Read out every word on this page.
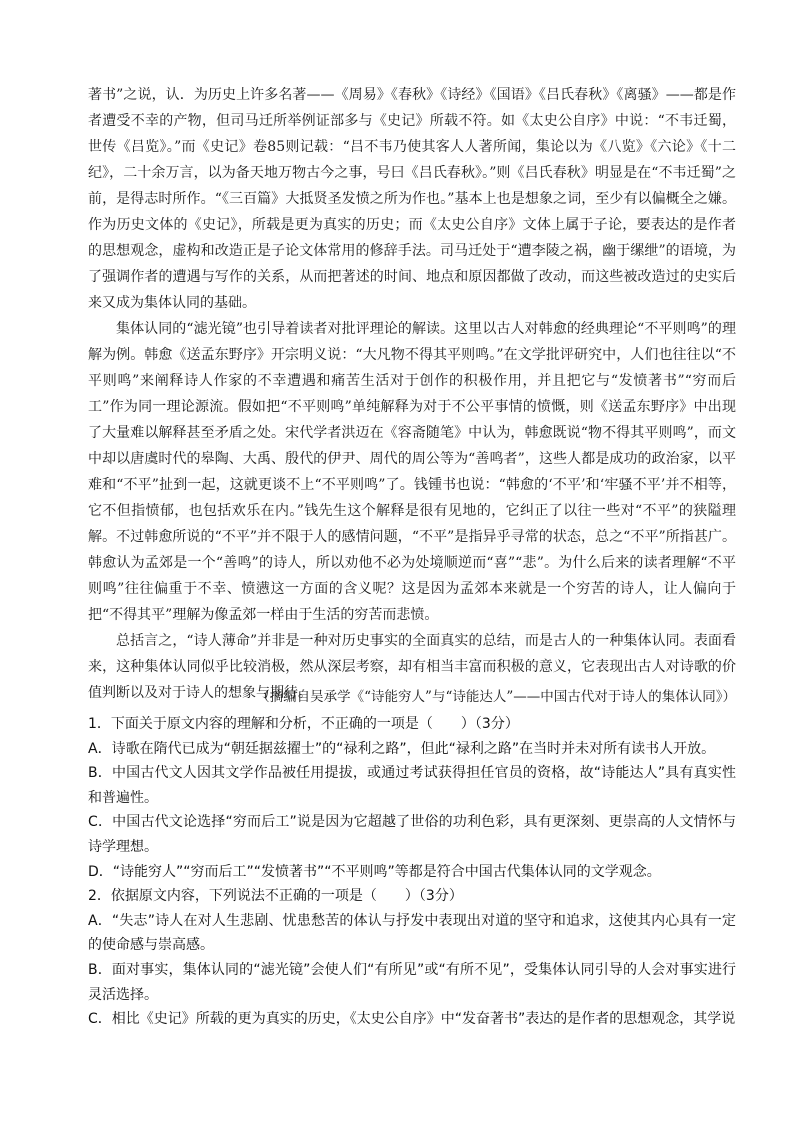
著书”之说，认．为历史上许多名著——《周易》《春秋》《诗经》《国语》《吕氏春秋》《离骚》——都是作者遭受不幸的产物，但司马迁所举例证部多与《史记》所载不符。如《太史公自序》中说：“不韦迁蜀，世传《吕览》。”而《史记》卷85则记载：“吕不韦乃使其客人人著所闻，集论以为《八览》《六论》《十二纪》，二十余万言，以为备天地万物古今之事，号曰《吕氏春秋》。”则《吕氏春秋》明显是在“不韦迁蜀”之前，是得志时所作。“《三百篇》大抵贤圣发愤之所为作也。”基本上也是想象之词，至少有以偏概全之嫌。作为历史文体的《史记》，所载是更为真实的历史；而《太史公自序》文体上属于子论，要表达的是作者的思想观念，虚构和改造正是子论文体常用的修辞手法。司马迁处于“遭李陵之祸，幽于缧绁”的语境，为了强调作者的遭遇与写作的关系，从而把著述的时间、地点和原因都做了改动，而这些被改造过的史实后来又成为集体认同的基础。

集体认同的“滤光镜”也引导着读者对批评理论的解读。这里以古人对韩愈的经典理论“不平则鸣”的理解为例。韩愈《送孟东野序》开宗明义说：“大凡物不得其平则鸣。”在文学批评研究中，人们也往往以“不平则鸣”来阐释诗人作家的不幸遭遇和痛苦生活对于创作的积极作用，并且把它与“发愤著书”“穷而后工”作为同一理论源流。假如把“不平则鸣”单纯解释为对于不公平事情的愤慨，则《送孟东野序》中出现了大量难以解释甚至矛盾之处。宋代学者洪迈在《容斋随笔》中认为，韩愈既说“物不得其平则鸣”，而文中却以唐虞时代的皋陶、大禹、殷代的伊尹、周代的周公等为“善鸣者”，这些人都是成功的政治家，以平难和“不平”扯到一起，这就更谈不上“不平则鸣”了。钱锺书也说：“韩愈的‘不平’和‘牢骚不平’并不相等，它不但指愤郁，也包括欢乐在内。”钱先生这个解释是很有见地的，它纠正了以往一些对“不平”的狭隘理解。不过韩愈所说的“不平”并不限于人的感情问题，“不平”是指异乎寻常的状态，总之“不平”所指甚广。韩愈认为孟郊是一个“善鸣”的诗人，所以劝他不必为处境顺逆而“喜”“悲”。为什么后来的读者理解“不平则鸣”往往偏重于不幸、愤懑这一方面的含义呢？这是因为孟郊本来就是一个穷苦的诗人，让人偏向于把“不得其平”理解为像孟郊一样由于生活的穷苦而悲愤。

总括言之，“诗人薄命”并非是一种对历史事实的全面真实的总结，而是古人的一种集体认同。表面看来，这种集体认同似乎比较消极，然从深层考察，却有相当丰富而积极的意义，它表现出古人对诗歌的价值判断以及对于诗人的想象与期待。

（摘编自吴承学《“诗能穷人”与“诗能达人”——中国古代对于诗人的集体认同》）

1．下面关于原文内容的理解和分析，不正确的一项是（　　）（3分）

A．诗歌在隋代已成为“朝廷据兹擢士”的“禄利之路”，但此“禄利之路”在当时并未对所有读书人开放。

B．中国古代文人因其文学作品被任用提拔，或通过考试获得担任官员的资格，故“诗能达人”具有真实性和普遍性。

C．中国古代文论选择“穷而后工”说是因为它超越了世俗的功利色彩，具有更深刻、更崇高的人文情怀与诗学理想。

D．“诗能穷人”“穷而后工”“发愤著书”“不平则鸣”等都是符合中国古代集体认同的文学观念。

2．依据原文内容，下列说法不正确的一项是（　　）（3分）

A．“失志”诗人在对人生悲剧、忧患愁苦的体认与抒发中表现出对道的坚守和追求，这使其内心具有一定的使命感与崇高感。

B．面对事实，集体认同的“滤光镜”会使人们“有所见”或“有所不见”，受集体认同引导的人会对事实进行灵活选择。

C．相比《史记》所载的更为真实的历史，《太史公自序》中“发奋著书”表达的是作者的思想观念，其学说
